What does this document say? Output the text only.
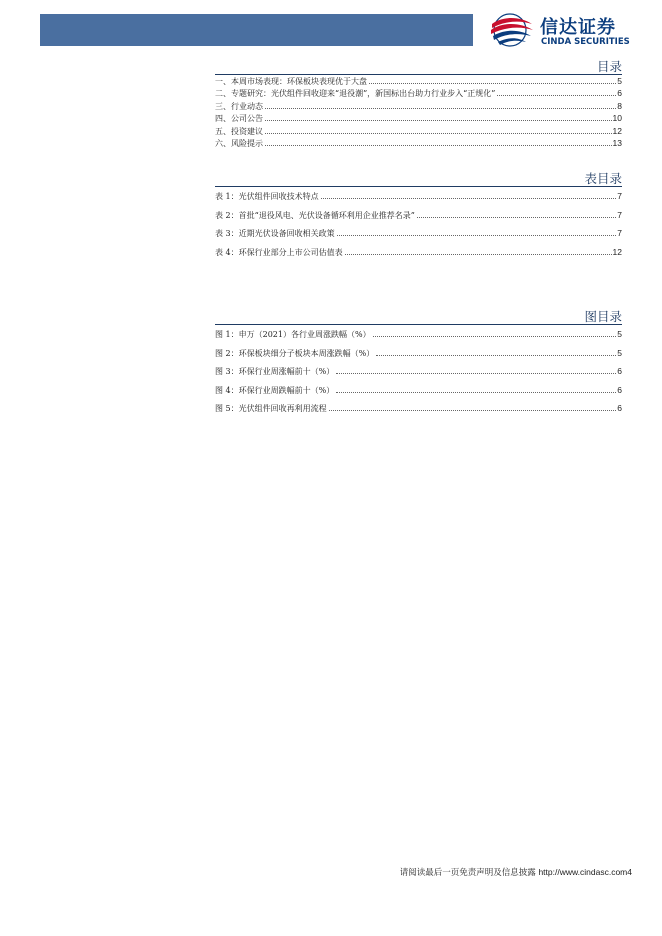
信达证券
CINDA SECURITIES
目录
一、本周市场表现：环保板块表现优于大盘	5
二、专题研究：光伏组件回收迎来“退役潮”，新国标出台助力行业步入“正规化”	6
三、行业动态	8
四、公司公告	10
五、投资建议	12
六、风险提示	13
表目录
表 1：光伏组件回收技术特点	7
表 2：首批“退役风电、光伏设备循环利用企业推荐名录”	7
表 3：近期光伏设备回收相关政策	7
表 4：环保行业部分上市公司估值表	12
图目录
图 1：申万（2021）各行业周涨跌幅（%）	5
图 2：环保板块细分子板块本周涨跌幅（%）	5
图 3：环保行业周涨幅前十（%）	6
图 4：环保行业周跌幅前十（%）	6
图 5：光伏组件回收再利用流程	6
请阅读最后一页免责声明及信息披露 http://www.cindasc.com4
